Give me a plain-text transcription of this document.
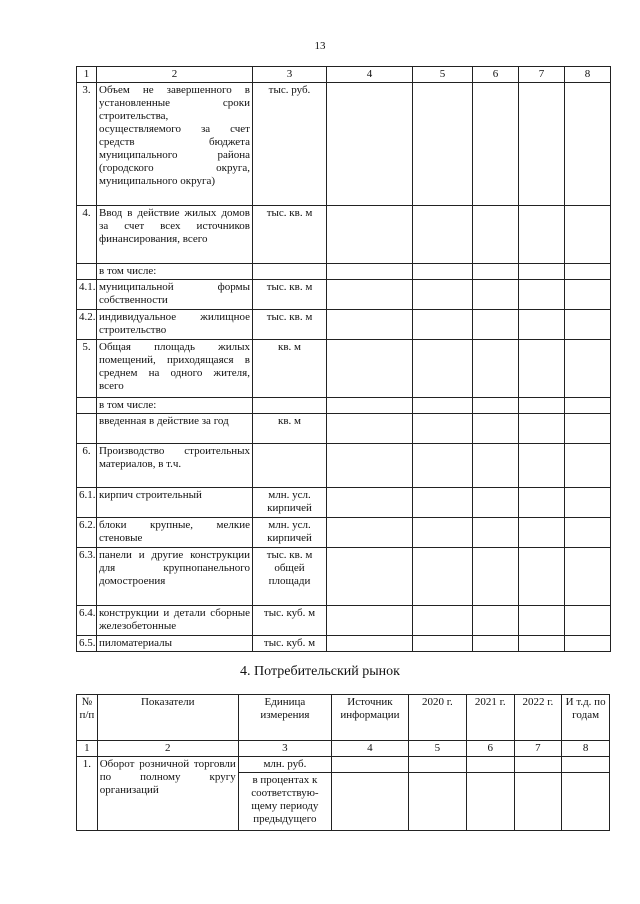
13
1	2	3	4	5	6	7	8
3.	Объем не завершенного в установленные сроки строительства, осуществляемого за счет средств бюджета муниципального района (городского округа, муниципального округа)	тыс. руб.					
4.	Ввод в действие жилых домов за счет всех источников финансирования, всего	тыс. кв. м					
	в том числе:						
4.1.	муниципальной формы собственности	тыс. кв. м					
4.2.	индивидуальное жилищное строительство	тыс. кв. м					
5.	Общая площадь жилых помещений, приходящаяся в среднем на одного жителя, всего	кв. м					
	в том числе:						
	введенная в действие за год	кв. м					
6.	Производство строительных материалов, в т.ч.						
6.1.	кирпич строительный	млн. усл. кирпичей					
6.2.	блоки крупные, мелкие стеновые	млн. усл. кирпичей					
6.3.	панели и другие конструкции для крупнопанельного домостроения	тыс. кв. м общей площади					
6.4.	конструкции и детали сборные железобетонные	тыс. куб. м					
6.5.	пиломатериалы	тыс. куб. м					
4. Потребительский рынок
№ п/п	Показатели	Единица измерения	Источник информации	2020 г.	2021 г.	2022 г.	И т.д. по годам
1	2	3	4	5	6	7	8
1.	Оборот розничной торговли по полному кругу организаций	млн. руб.					
		в процентах к соответствую-щему периоду предыдущего					
